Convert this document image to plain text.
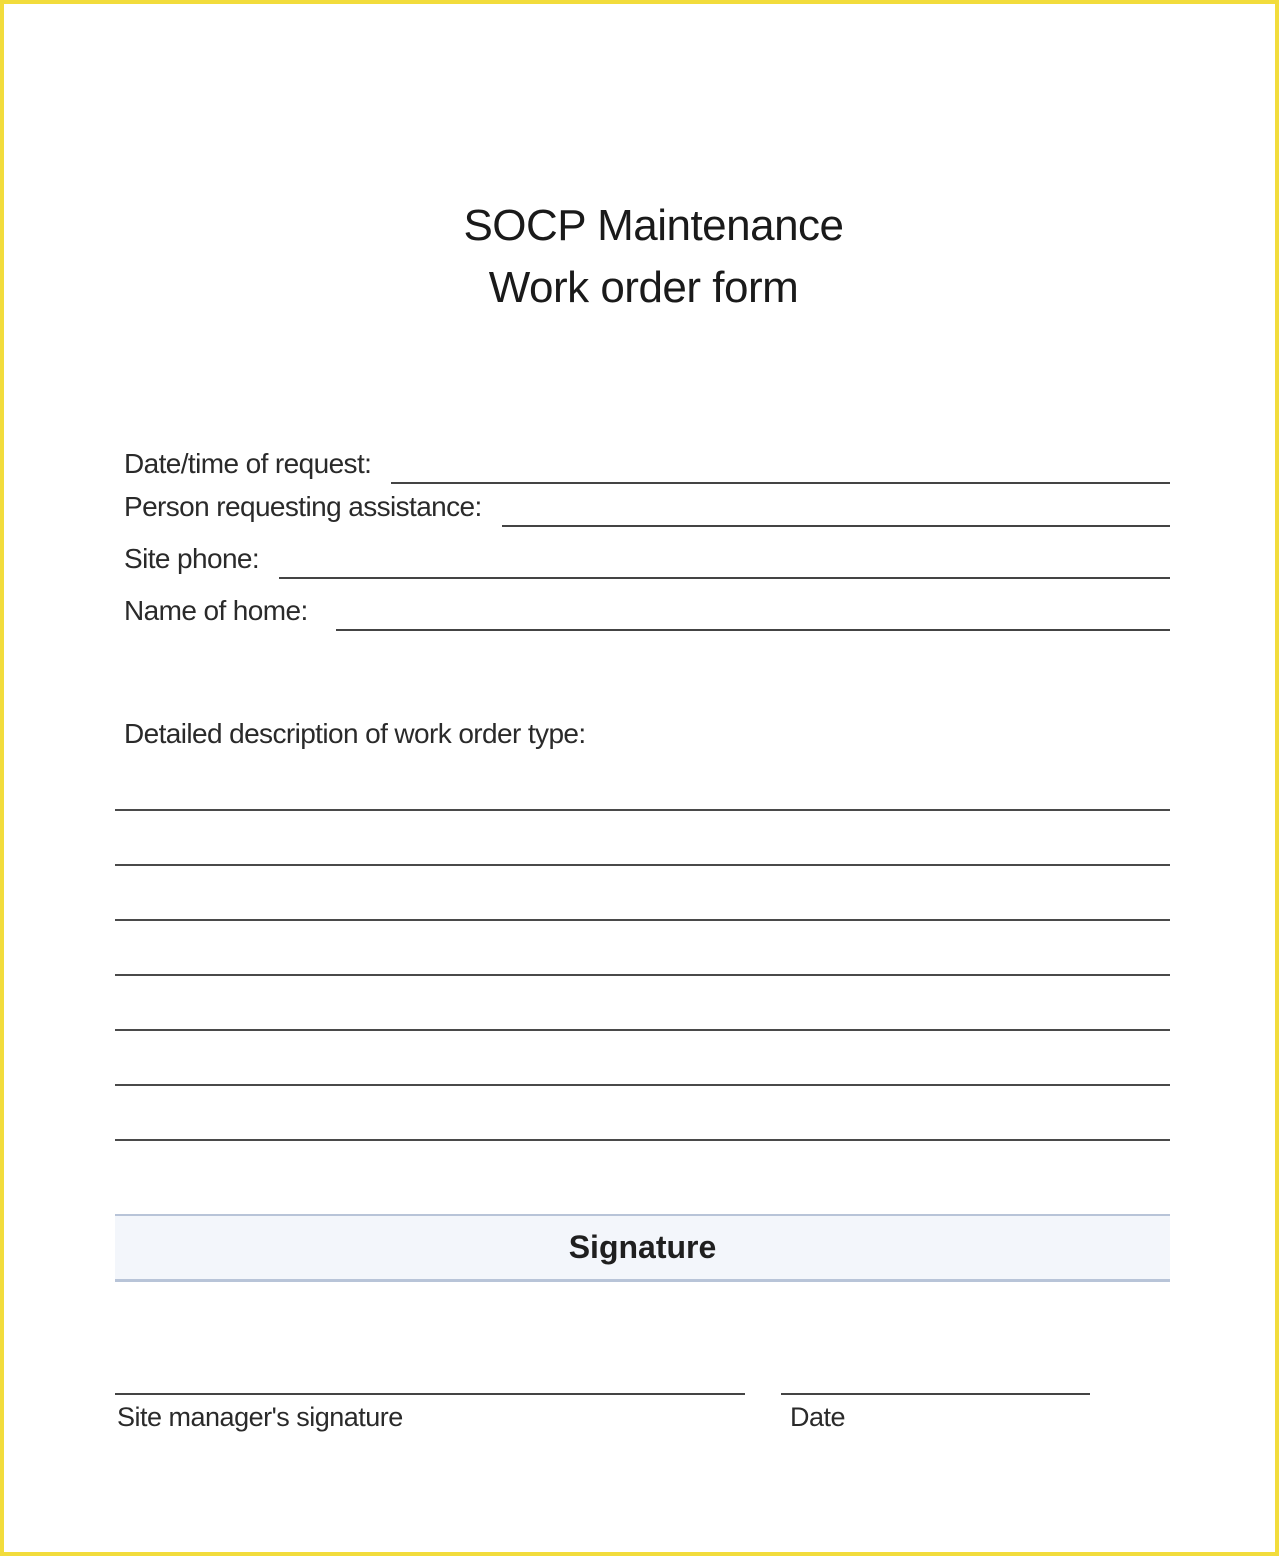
SOCP Maintenance
Work order form
Date/time of request:
Person requesting assistance:
Site phone:
Name of home:
Detailed description of work order type:
Signature
Site manager's signature	Date
